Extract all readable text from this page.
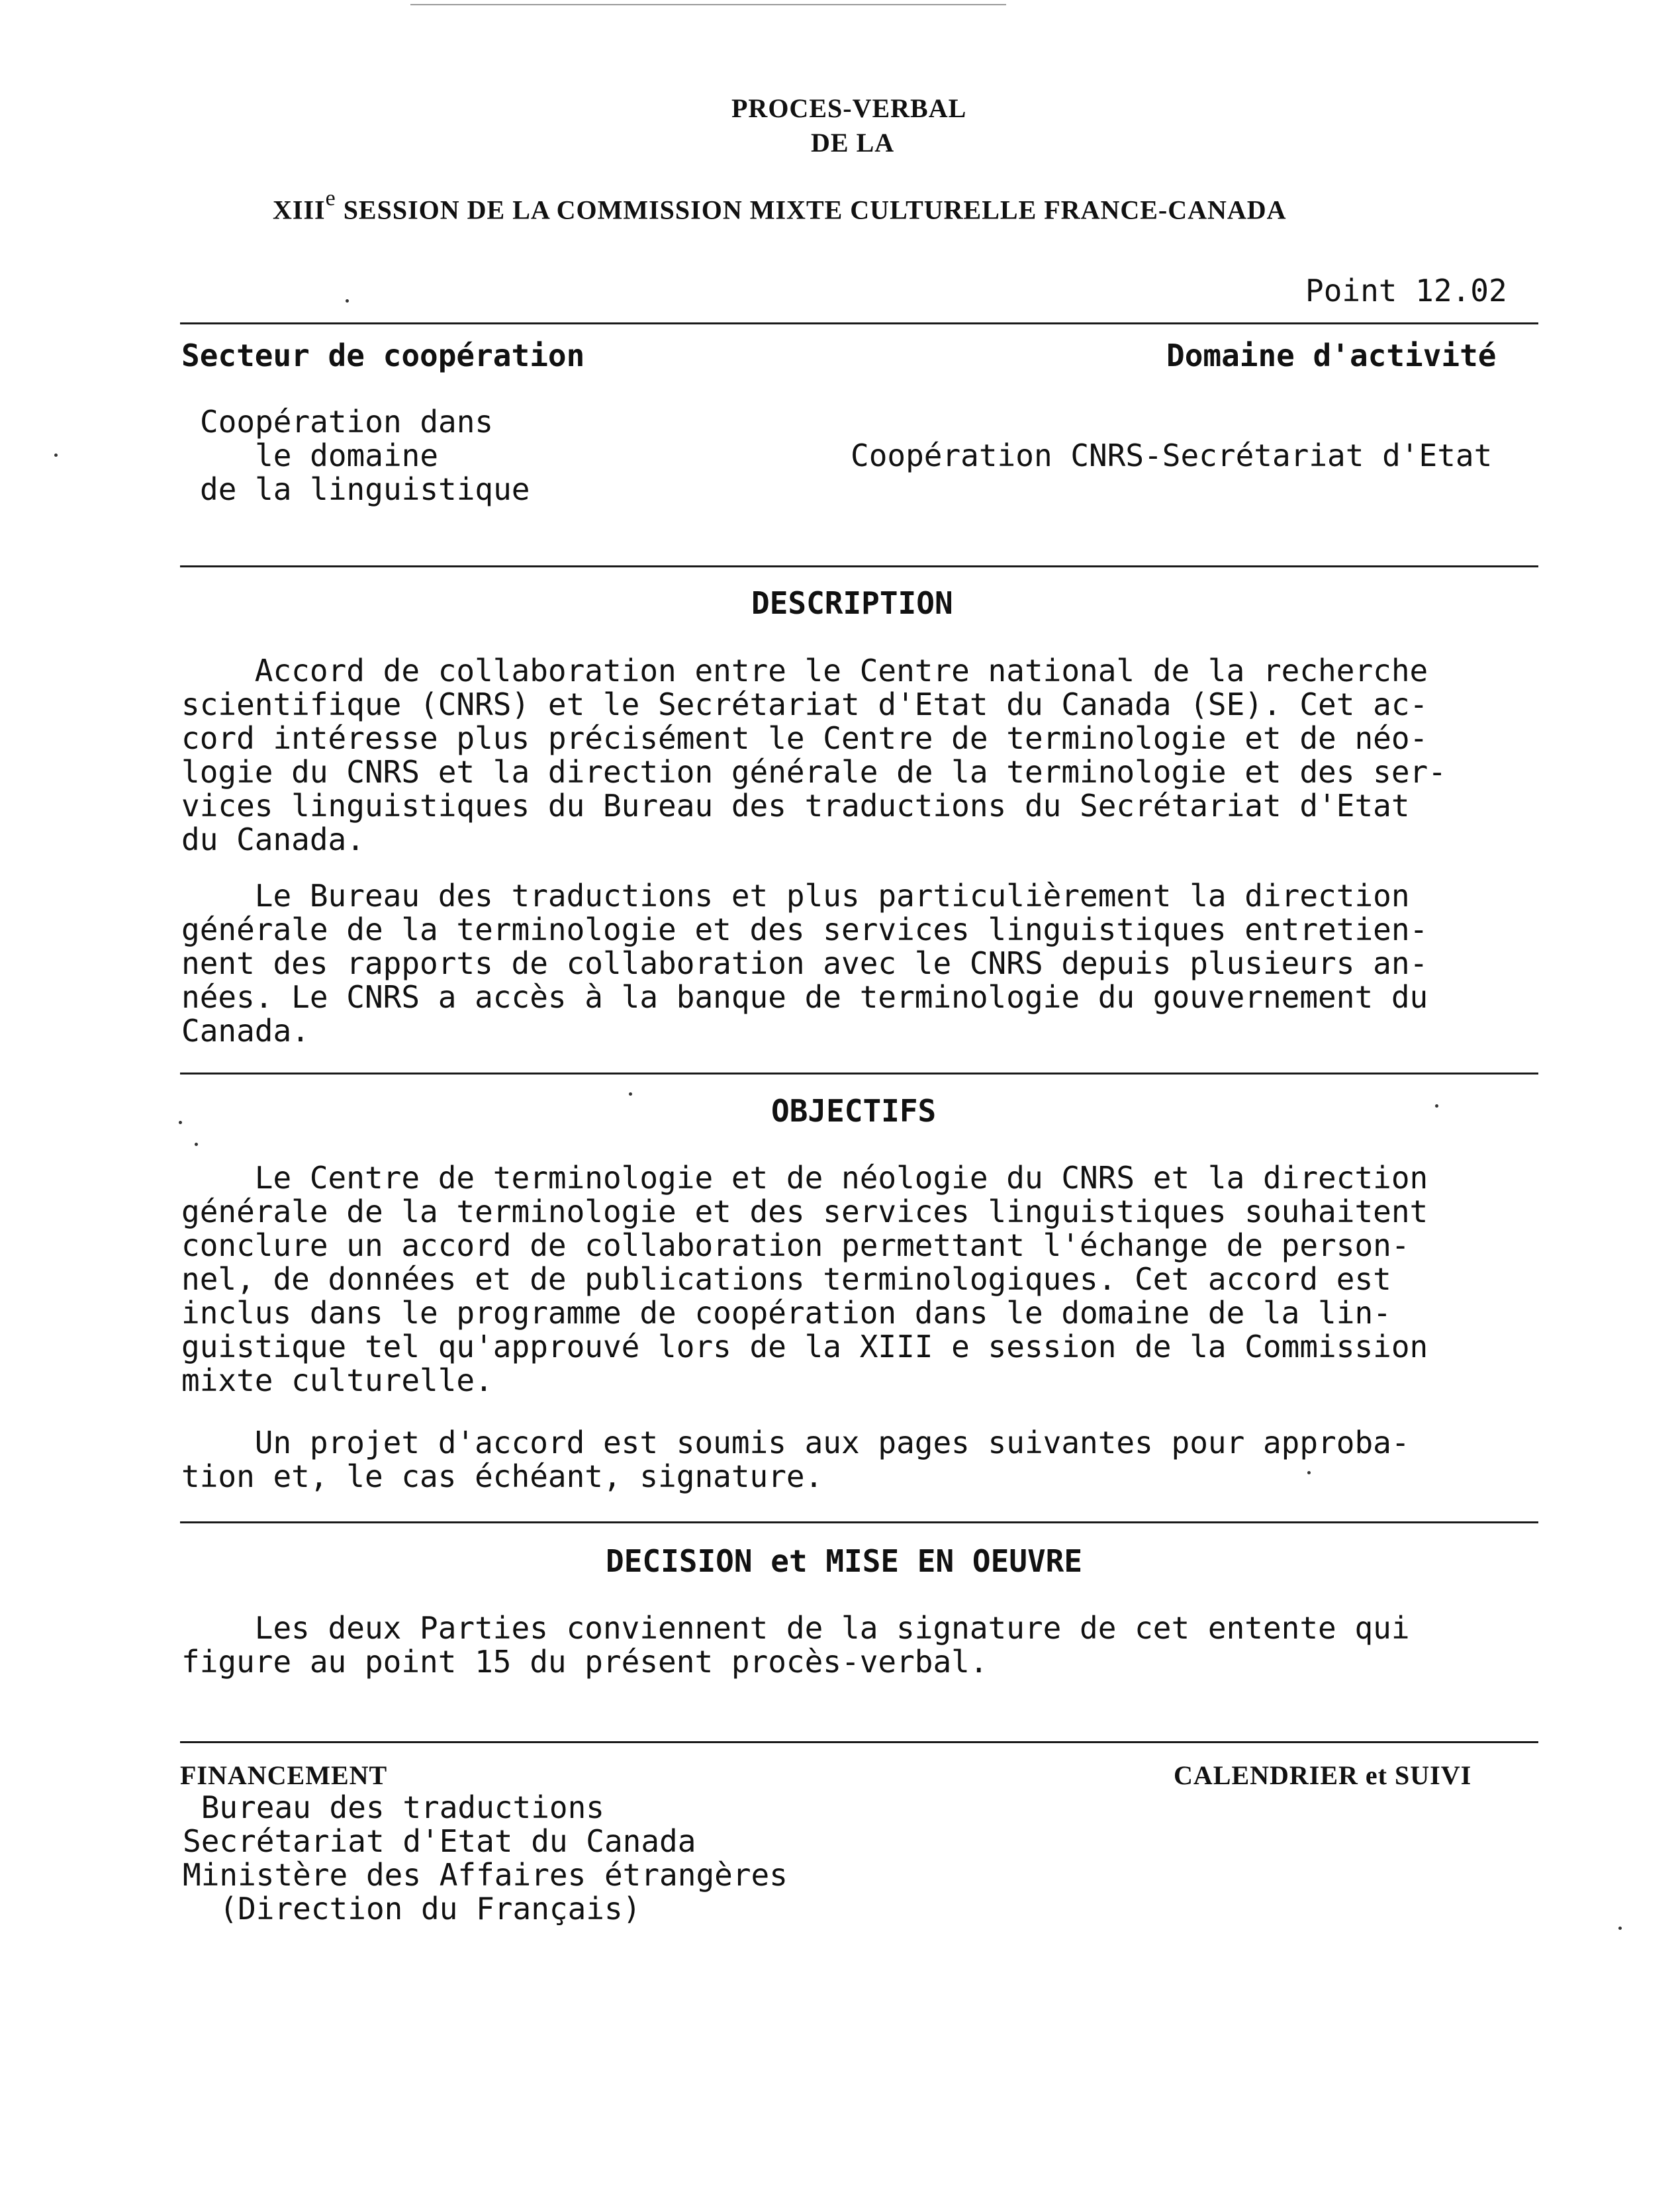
PROCES-VERBAL
DE LA

XIIIe SESSION DE LA COMMISSION MIXTE CULTURELLE FRANCE-CANADA

Point 12.02
Secteur de coopération	Domaine d'activité
Coopération dans
le domaine
de la linguistique
Coopération CNRS-Secrétariat d'Etat
DESCRIPTION
Accord de collaboration entre le Centre national de la recherche
scientifique (CNRS) et le Secrétariat d'Etat du Canada (SE). Cet ac-
cord intéresse plus précisément le Centre de terminologie et de néo-
logie du CNRS et la direction générale de la terminologie et des ser-
vices linguistiques du Bureau des traductions du Secrétariat d'Etat
du Canada.
Le Bureau des traductions et plus particulièrement la direction
générale de la terminologie et des services linguistiques entretien-
nent des rapports de collaboration avec le CNRS depuis plusieurs an-
nées. Le CNRS a accès à la banque de terminologie du gouvernement du
Canada.
OBJECTIFS
Le Centre de terminologie et de néologie du CNRS et la direction
générale de la terminologie et des services linguistiques souhaitent
conclure un accord de collaboration permettant l'échange de person-
nel, de données et de publications terminologiques. Cet accord est
inclus dans le programme de coopération dans le domaine de la lin-
guistique tel qu'approuvé lors de la XIII e session de la Commission
mixte culturelle.
Un projet d'accord est soumis aux pages suivantes pour approba-
tion et, le cas échéant, signature.
DECISION et MISE EN OEUVRE
Les deux Parties conviennent de la signature de cet entente qui
figure au point 15 du présent procès-verbal.
FINANCEMENT	CALENDRIER et SUIVI
Bureau des traductions
Secrétariat d'Etat du Canada
Ministère des Affaires étrangères
(Direction du Français)
